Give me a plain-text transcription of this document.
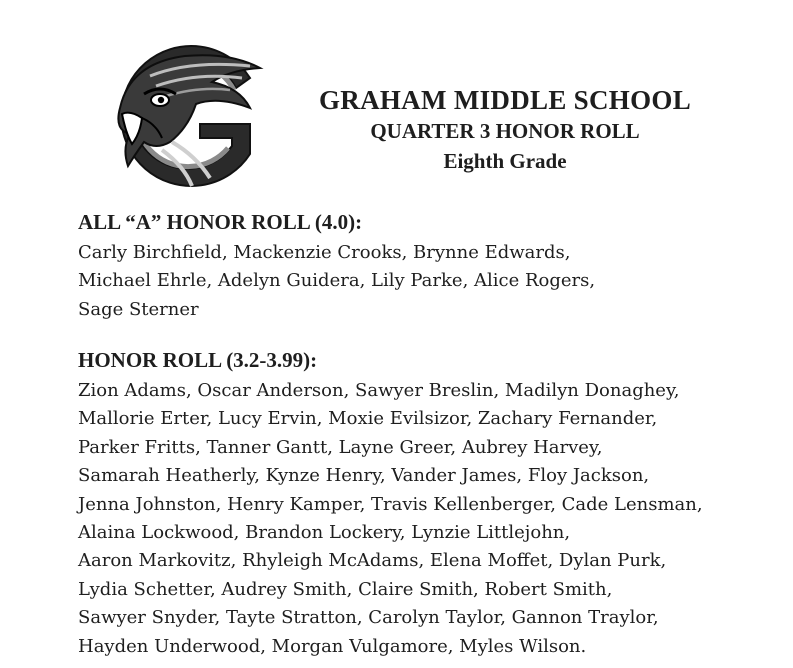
GRAHAM MIDDLE SCHOOL

QUARTER 3 HONOR ROLL

Eighth Grade

ALL “A” HONOR ROLL (4.0):

Carly Birchfield, Mackenzie Crooks, Brynne Edwards,

Michael Ehrle, Adelyn Guidera, Lily Parke, Alice Rogers,

Sage Sterner

HONOR ROLL (3.2-3.99):

Zion Adams, Oscar Anderson, Sawyer Breslin, Madilyn Donaghey,

Mallorie Erter, Lucy Ervin, Moxie Evilsizor, Zachary Fernander,

Parker Fritts, Tanner Gantt, Layne Greer, Aubrey Harvey,

Samarah Heatherly, Kynze Henry, Vander James, Floy Jackson,

Jenna Johnston, Henry Kamper, Travis Kellenberger, Cade Lensman,

Alaina Lockwood, Brandon Lockery, Lynzie Littlejohn,

Aaron Markovitz, Rhyleigh McAdams, Elena Moffet, Dylan Purk,

Lydia Schetter, Audrey Smith, Claire Smith, Robert Smith,

Sawyer Snyder, Tayte Stratton, Carolyn Taylor, Gannon Traylor,

Hayden Underwood, Morgan Vulgamore, Myles Wilson.
